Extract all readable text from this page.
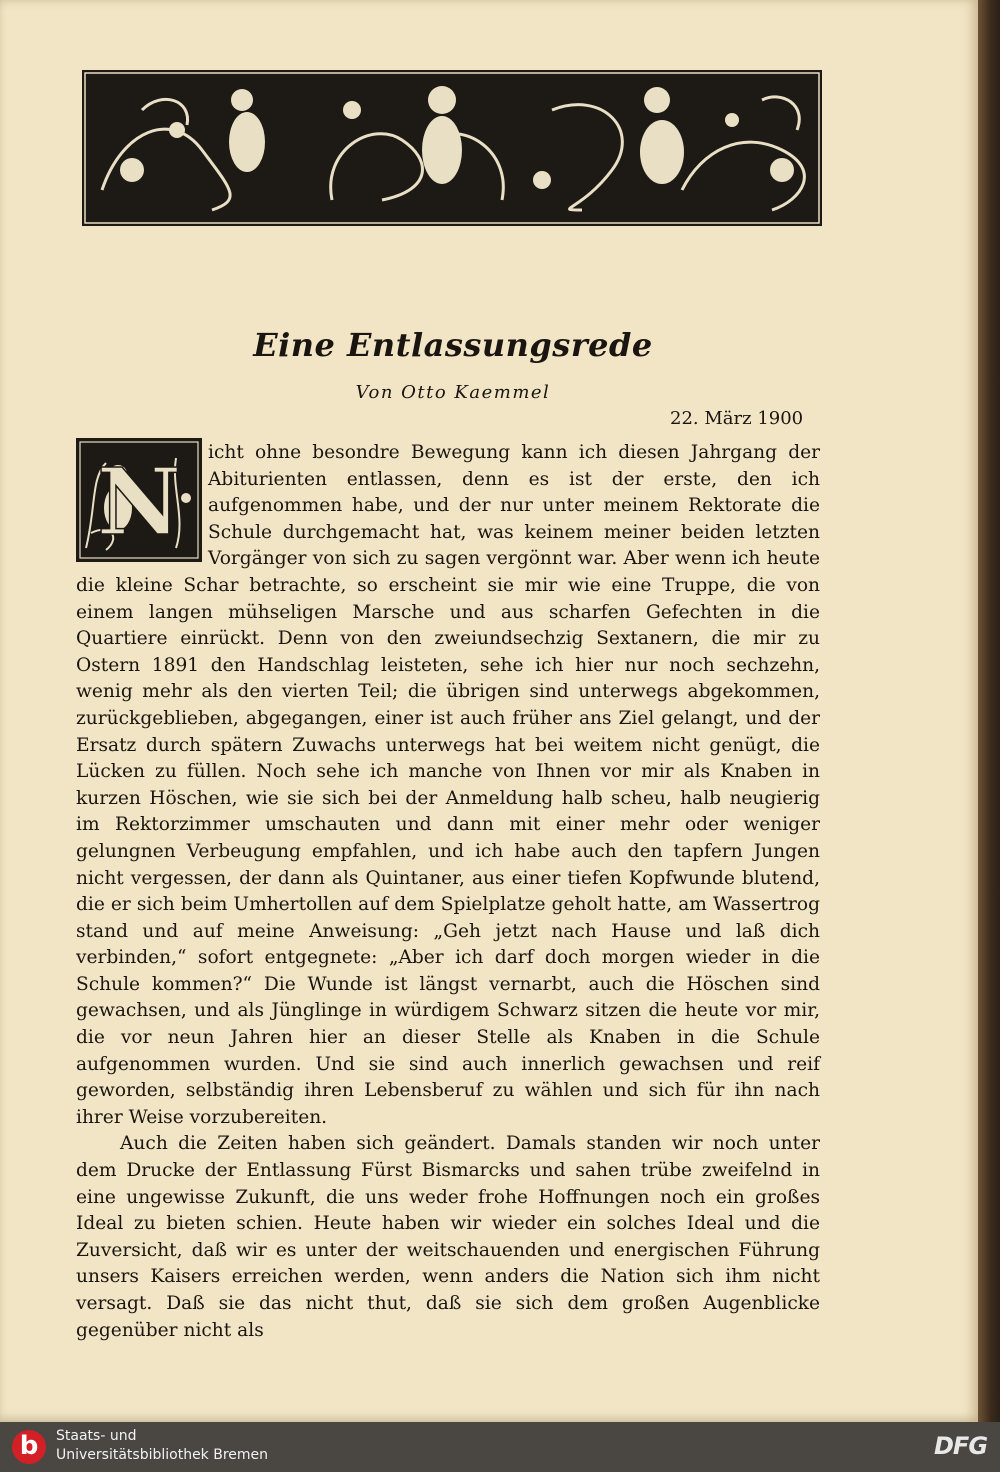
Eine Entlassungsrede
Von Otto Kaemmel
22. März 1900
N	icht ohne besondre Bewegung kann ich diesen Jahrgang der Abiturienten entlassen, denn es ist der erste, den ich aufgenommen habe, und der nur unter meinem Rektorate die Schule durchgemacht hat, was keinem meiner beiden letzten Vorgänger von sich zu sagen vergönnt war. Aber wenn ich heute die kleine Schar betrachte, so erscheint sie mir wie eine Truppe, die von einem langen mühseligen Marsche und aus scharfen Gefechten in die Quartiere einrückt. Denn von den zweiundsechzig Sextanern, die mir zu Ostern 1891 den Handschlag leisteten, sehe ich hier nur noch sechzehn, wenig mehr als den vierten Teil; die übrigen sind unterwegs abgekommen, zurückgeblieben, abgegangen, einer ist auch früher ans Ziel gelangt, und der Ersatz durch spätern Zuwachs unterwegs hat bei weitem nicht genügt, die Lücken zu füllen. Noch sehe ich manche von Ihnen vor mir als Knaben in kurzen Höschen, wie sie sich bei der Anmeldung halb scheu, halb neugierig im Rektorzimmer umschauten und dann mit einer mehr oder weniger gelungnen Verbeugung empfahlen, und ich habe auch den tapfern Jungen nicht vergessen, der dann als Quintaner, aus einer tiefen Kopfwunde blutend, die er sich beim Umhertollen auf dem Spielplatze geholt hatte, am Wassertrog stand und auf meine Anweisung: „Geh jetzt nach Hause und laß dich verbinden,“ sofort entgegnete: „Aber ich darf doch morgen wieder in die Schule kommen?“ Die Wunde ist längst vernarbt, auch die Höschen sind gewachsen, und als Jünglinge in würdigem Schwarz sitzen die heute vor mir, die vor neun Jahren hier an dieser Stelle als Knaben in die Schule aufgenommen wurden. Und sie sind auch innerlich gewachsen und reif geworden, selbständig ihren Lebensberuf zu wählen und sich für ihn nach ihrer Weise vorzubereiten.

Auch die Zeiten haben sich geändert. Damals standen wir noch unter dem Drucke der Entlassung Fürst Bismarcks und sahen trübe zweifelnd in eine ungewisse Zukunft, die uns weder frohe Hoffnungen noch ein großes Ideal zu bieten schien. Heute haben wir wieder ein solches Ideal und die Zuversicht, daß wir es unter der weitschauenden und energischen Führung unsers Kaisers erreichen werden, wenn anders die Nation sich ihm nicht versagt. Daß sie das nicht thut, daß sie sich dem großen Augenblicke gegenüber nicht als

b	Staats- und
Universitätsbibliothek Bremen	DFG
